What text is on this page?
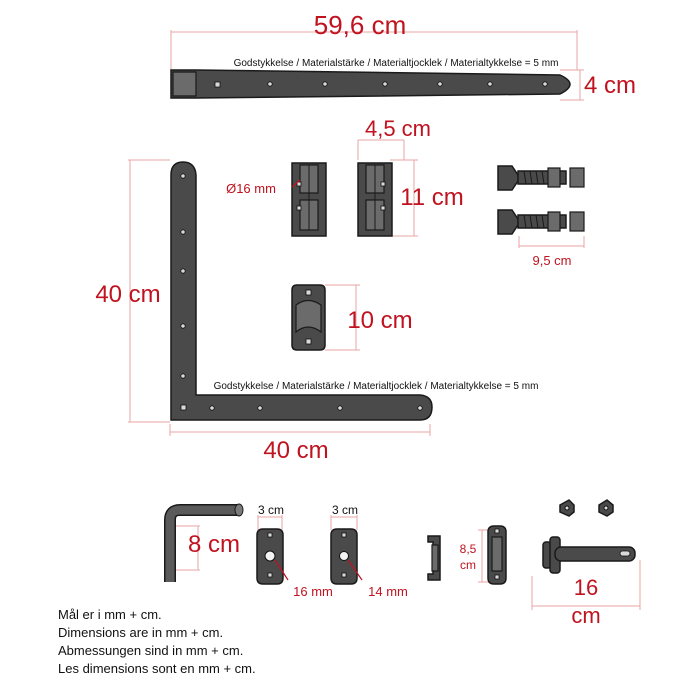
59,6 cm
Godstykkelse / Materialstärke / Materialtjocklek / Materialtykkelse = 5 mm
4 cm
4,5 cm
Ø16 mm	11 cm
9,5 cm
10 cm
40 cm
Godstykkelse / Materialstärke / Materialtjocklek / Materialtykkelse = 5 mm
40 cm
8 cm
3 cm
16 mm
3 cm
14 mm
8,5 cm
16 cm
Mål er i mm + cm.
Dimensions are in mm + cm.
Abmessungen sind in mm + cm.
Les dimensions sont en mm + cm.
